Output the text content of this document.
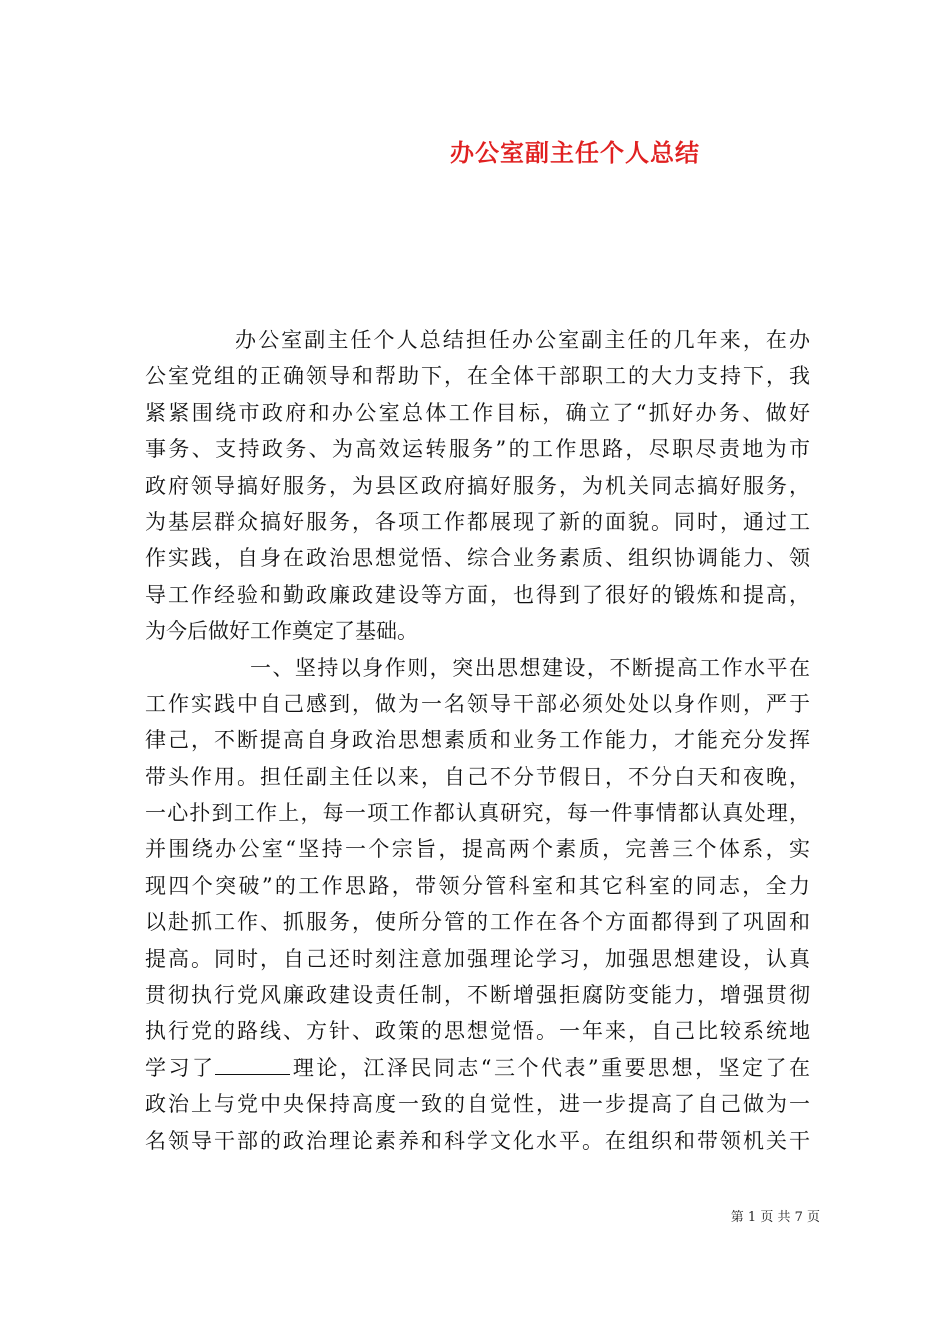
办公室副主任个人总结
办公室副主任个人总结担任办公室副主任的几年来，在办
公室党组的正确领导和帮助下，在全体干部职工的大力支持下，我
紧紧围绕市政府和办公室总体工作目标，确立了“抓好办务、做好
事务、支持政务、为高效运转服务”的工作思路，尽职尽责地为市
政府领导搞好服务，为县区政府搞好服务，为机关同志搞好服务，
为基层群众搞好服务，各项工作都展现了新的面貌。同时，通过工
作实践，自身在政治思想觉悟、综合业务素质、组织协调能力、领
导工作经验和勤政廉政建设等方面，也得到了很好的锻炼和提高，
为今后做好工作奠定了基础。
一、坚持以身作则，突出思想建设，不断提高工作水平在
工作实践中自己感到，做为一名领导干部必须处处以身作则，严于
律己，不断提高自身政治思想素质和业务工作能力，才能充分发挥
带头作用。担任副主任以来，自己不分节假日，不分白天和夜晚，
一心扑到工作上，每一项工作都认真研究，每一件事情都认真处理，
并围绕办公室“坚持一个宗旨，提高两个素质，完善三个体系，实
现四个突破”的工作思路，带领分管科室和其它科室的同志，全力
以赴抓工作、抓服务，使所分管的工作在各个方面都得到了巩固和
提高。同时，自己还时刻注意加强理论学习，加强思想建设，认真
贯彻执行党风廉政建设责任制，不断增强拒腐防变能力，增强贯彻
执行党的路线、方针、政策的思想觉悟。一年来，自己比较系统地
学习了	理论，江泽民同志“三个代表”重要思想，坚定了在
政治上与党中央保持高度一致的自觉性，进一步提高了自己做为一
名领导干部的政治理论素养和科学文化水平。在组织和带领机关干
第 1 页 共 7 页
